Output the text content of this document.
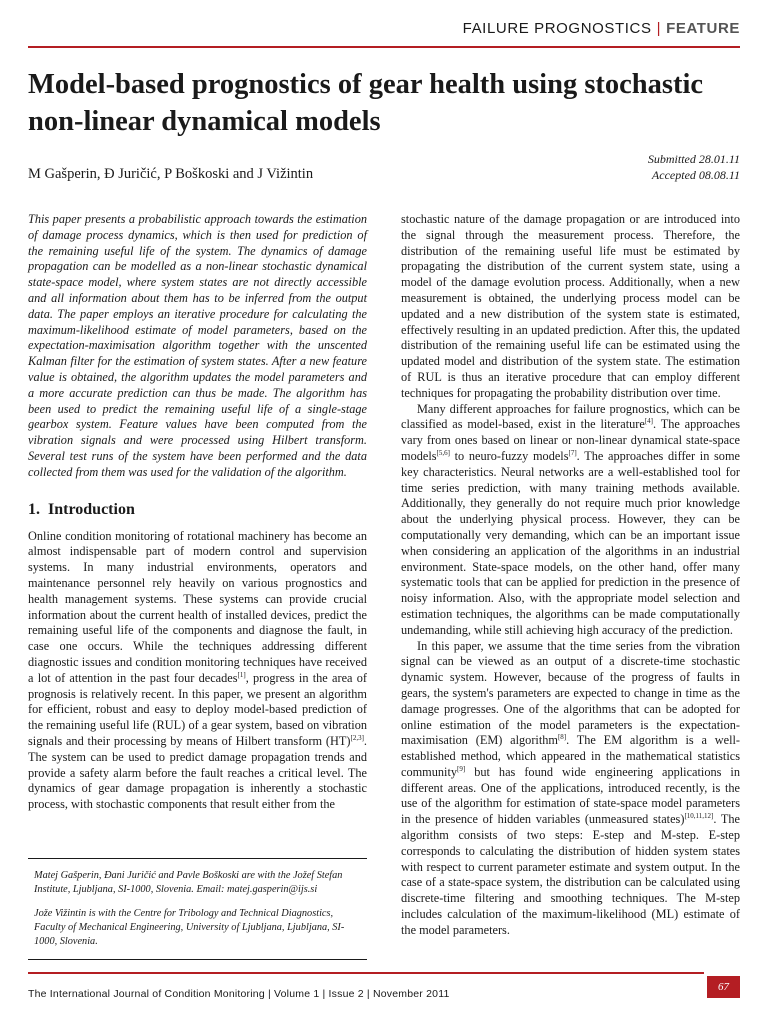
FAILURE PROGNOSTICS | FEATURE
Model-based prognostics of gear health using stochastic non-linear dynamical models
M Gašperin, Đ Juričić, P Boškoski and J Vižintin
Submitted 28.01.11
Accepted 08.08.11

This paper presents a probabilistic approach towards the estimation of damage process dynamics, which is then used for prediction of the remaining useful life of the system. The dynamics of damage propagation can be modelled as a non-linear stochastic dynamical state-space model, where system states are not directly accessible and all information about them has to be inferred from the output data. The paper employs an iterative procedure for calculating the maximum-likelihood estimate of model parameters, based on the expectation-maximisation algorithm together with the unscented Kalman filter for the estimation of system states. After a new feature value is obtained, the algorithm updates the model parameters and a more accurate prediction can thus be made. The algorithm has been used to predict the remaining useful life of a single-stage gearbox system. Feature values have been computed from the vibration signals and were processed using Hilbert transform. Several test runs of the system have been performed and the data collected from them was used for the validation of the algorithm.

1. Introduction

Online condition monitoring of rotational machinery has become an almost indispensable part of modern control and supervision systems. In many industrial environments, operators and maintenance personnel rely heavily on various prognostics and health management systems. These systems can provide crucial information about the current health of installed devices, predict the remaining useful life of the components and diagnose the fault, in case one occurs. While the techniques addressing different diagnostic issues and condition monitoring techniques have received a lot of attention in the past four decades[1], progress in the area of prognosis is relatively recent. In this paper, we present an algorithm for efficient, robust and easy to deploy model-based prediction of the remaining useful life (RUL) of a gear system, based on vibration signals and their processing by means of Hilbert transform (HT)[2,3]. The system can be used to predict damage propagation trends and provide a safety alarm before the fault reaches a critical level. The dynamics of gear damage propagation is inherently a stochastic process, with stochastic components that result either from the

Matej Gašperin, Đani Juričić and Pavle Boškoski are with the Jožef Stefan Institute, Ljubljana, SI-1000, Slovenia. Email: matej.gasperin@ijs.si

Jože Vižintin is with the Centre for Tribology and Technical Diagnostics, Faculty of Mechanical Engineering, University of Ljubljana, Ljubljana, SI-1000, Slovenia.

stochastic nature of the damage propagation or are introduced into the signal through the measurement process. Therefore, the distribution of the remaining useful life must be estimated by propagating the distribution of the current system state, using a model of the damage evolution process. Additionally, when a new measurement is obtained, the underlying process model can be updated and a new distribution of the system state is estimated, effectively resulting in an updated prediction. After this, the updated distribution of the remaining useful life can be estimated using the updated model and distribution of the system state. The estimation of RUL is thus an iterative procedure that can employ different techniques for propagating the probability distribution over time.

Many different approaches for failure prognostics, which can be classified as model-based, exist in the literature[4]. The approaches vary from ones based on linear or non-linear dynamical state-space models[5,6] to neuro-fuzzy models[7]. The approaches differ in some key characteristics. Neural networks are a well-established tool for time series prediction, with many training methods available. Additionally, they generally do not require much prior knowledge about the underlying physical process. However, they can be computationally very demanding, which can be an important issue when considering an application of the algorithms in an industrial environment. State-space models, on the other hand, offer many systematic tools that can be applied for prediction in the presence of noisy information. Also, with the appropriate model selection and estimation techniques, the algorithms can be made computationally undemanding, while still achieving high accuracy of the prediction.

In this paper, we assume that the time series from the vibration signal can be viewed as an output of a discrete-time stochastic dynamic system. However, because of the progress of faults in gears, the system's parameters are expected to change in time as the damage progresses. One of the algorithms that can be adopted for online estimation of the model parameters is the expectation-maximisation (EM) algorithm[8]. The EM algorithm is a well-established method, which appeared in the mathematical statistics community[9] but has found wide engineering applications in different areas. One of the applications, introduced recently, is the use of the algorithm for estimation of state-space model parameters in the presence of hidden variables (unmeasured states)[10,11,12]. The algorithm consists of two steps: E-step and M-step. E-step corresponds to calculating the distribution of hidden system states with respect to current parameter estimate and system output. In the case of a state-space system, the distribution can be calculated using discrete-time filtering and smoothing techniques. The M-step includes calculation of the maximum-likelihood (ML) estimate of the model parameters.

The International Journal of Condition Monitoring | Volume 1 | Issue 2 | November 2011
67
